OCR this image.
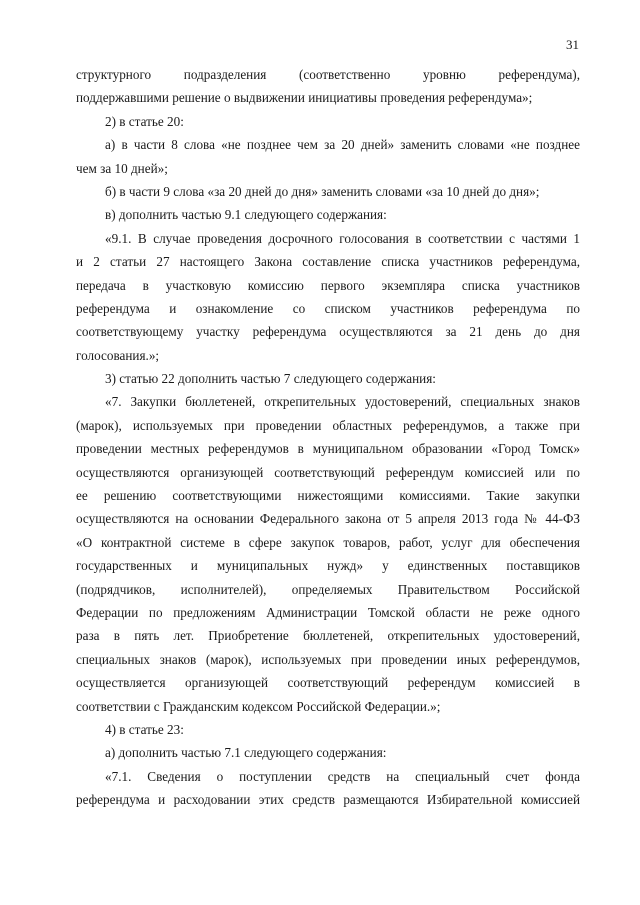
31
структурного подразделения (соответственно уровню референдума),
поддержавшими решение о выдвижении инициативы проведения референдума»;
2) в статье 20:
а) в части 8 слова «не позднее чем за 20 дней» заменить словами «не позднее
чем за 10 дней»;
б) в части 9 слова «за 20 дней до дня» заменить словами «за 10 дней до дня»;
в) дополнить частью 9.1 следующего содержания:
«9.1. В случае проведения досрочного голосования в соответствии с частями 1
и 2 статьи 27 настоящего Закона составление списка участников референдума,
передача в участковую комиссию первого экземпляра списка участников
референдума и ознакомление со списком участников референдума по
соответствующему участку референдума осуществляются за 21 день до дня
голосования.»;
3) статью 22 дополнить частью 7 следующего содержания:
«7. Закупки бюллетеней, открепительных удостоверений, специальных знаков
(марок), используемых при проведении областных референдумов, а также при
проведении местных референдумов в муниципальном образовании «Город Томск»
осуществляются организующей соответствующий референдум комиссией или по
ее решению соответствующими нижестоящими комиссиями. Такие закупки
осуществляются на основании Федерального закона от 5 апреля 2013 года № 44-ФЗ
«О контрактной системе в сфере закупок товаров, работ, услуг для обеспечения
государственных и муниципальных нужд» у единственных поставщиков
(подрядчиков, исполнителей), определяемых Правительством Российской
Федерации по предложениям Администрации Томской области не реже одного
раза в пять лет. Приобретение бюллетеней, открепительных удостоверений,
специальных знаков (марок), используемых при проведении иных референдумов,
осуществляется организующей соответствующий референдум комиссией в
соответствии с Гражданским кодексом Российской Федерации.»;
4) в статье 23:
а) дополнить частью 7.1 следующего содержания:
«7.1. Сведения о поступлении средств на специальный счет фонда
референдума и расходовании этих средств размещаются Избирательной комиссией
